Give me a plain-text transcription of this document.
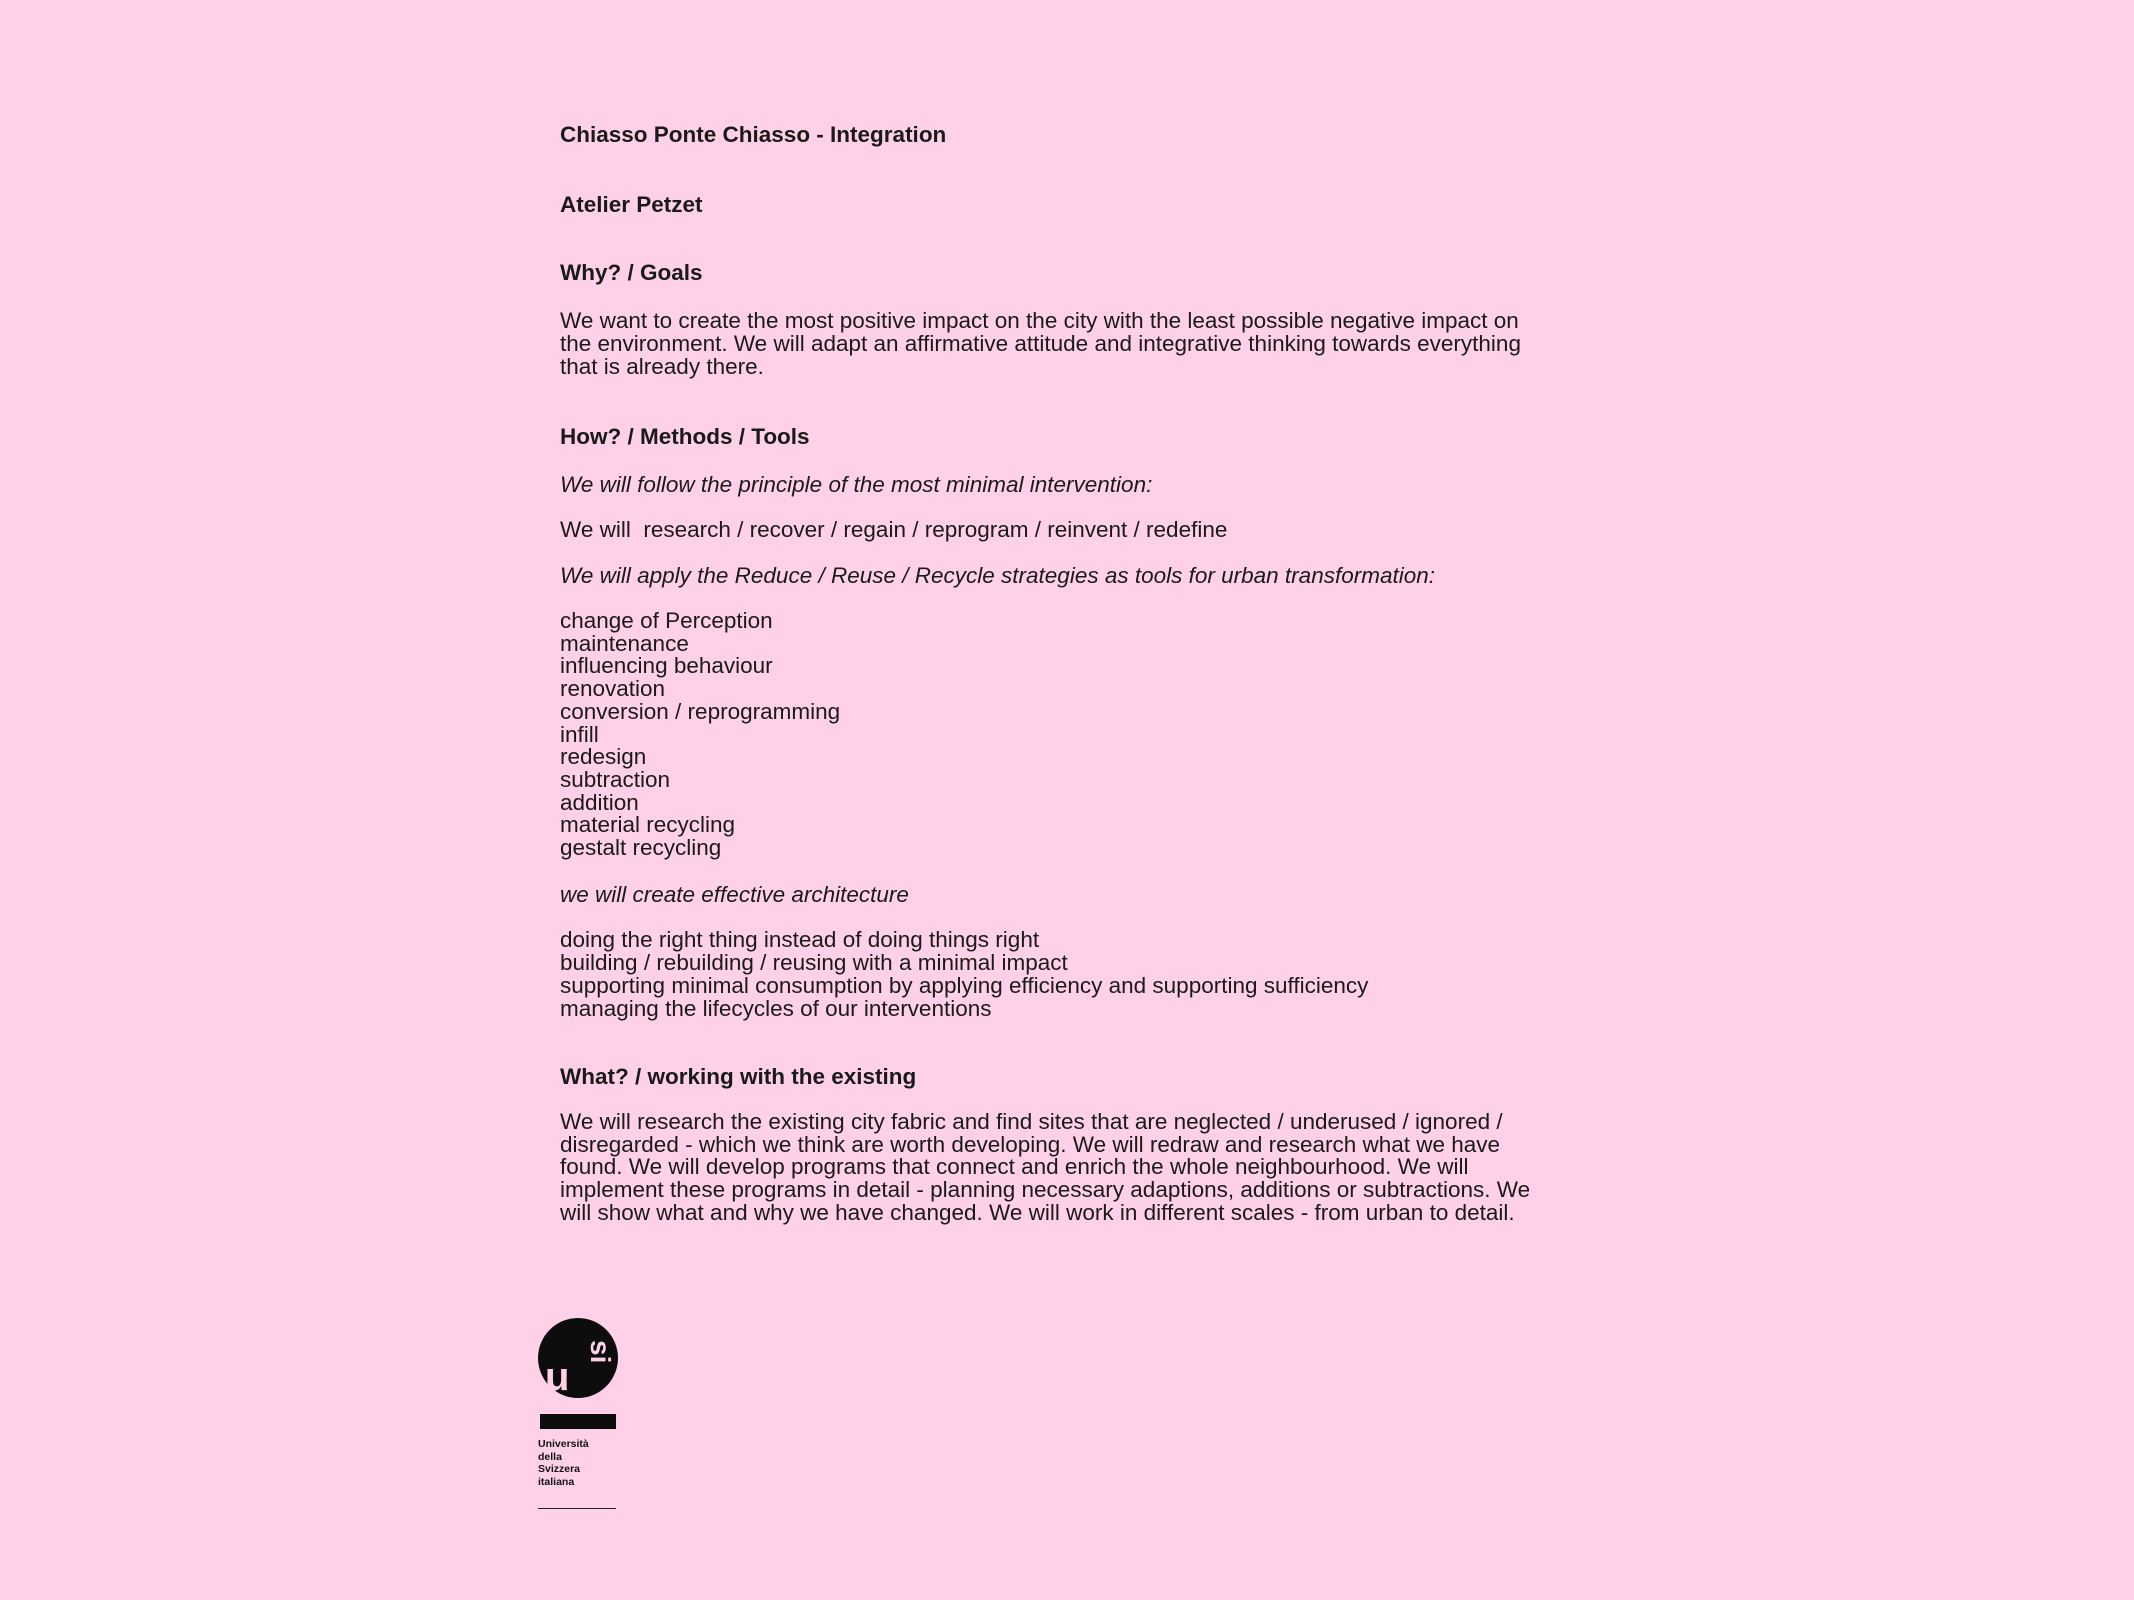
Chiasso Ponte Chiasso - Integration

Atelier Petzet

Why? / Goals

We want to create the most positive impact on the city with the least possible negative impact on
the environment. We will adapt an affirmative attitude and integrative thinking towards everything
that is already there.

How? / Methods / Tools

We will follow the principle of the most minimal intervention:

We will  research / recover / regain / reprogram / reinvent / redefine

We will apply the Reduce / Reuse / Recycle strategies as tools for urban transformation:

change of Perception
maintenance
influencing behaviour
renovation
conversion / reprogramming
infill
redesign
subtraction
addition
material recycling
gestalt recycling

we will create effective architecture

doing the right thing instead of doing things right
building / rebuilding / reusing with a minimal impact
supporting minimal consumption by applying efficiency and supporting sufficiency
managing the lifecycles of our interventions

What? / working with the existing

We will research the existing city fabric and find sites that are neglected / underused / ignored /
disregarded - which we think are worth developing. We will redraw and research what we have
found. We will develop programs that connect and enrich the whole neighbourhood. We will
implement these programs in detail - planning necessary adaptions, additions or subtractions. We
will show what and why we have changed. We will work in different scales - from urban to detail.

u
si
Università
della
Svizzera
italiana
